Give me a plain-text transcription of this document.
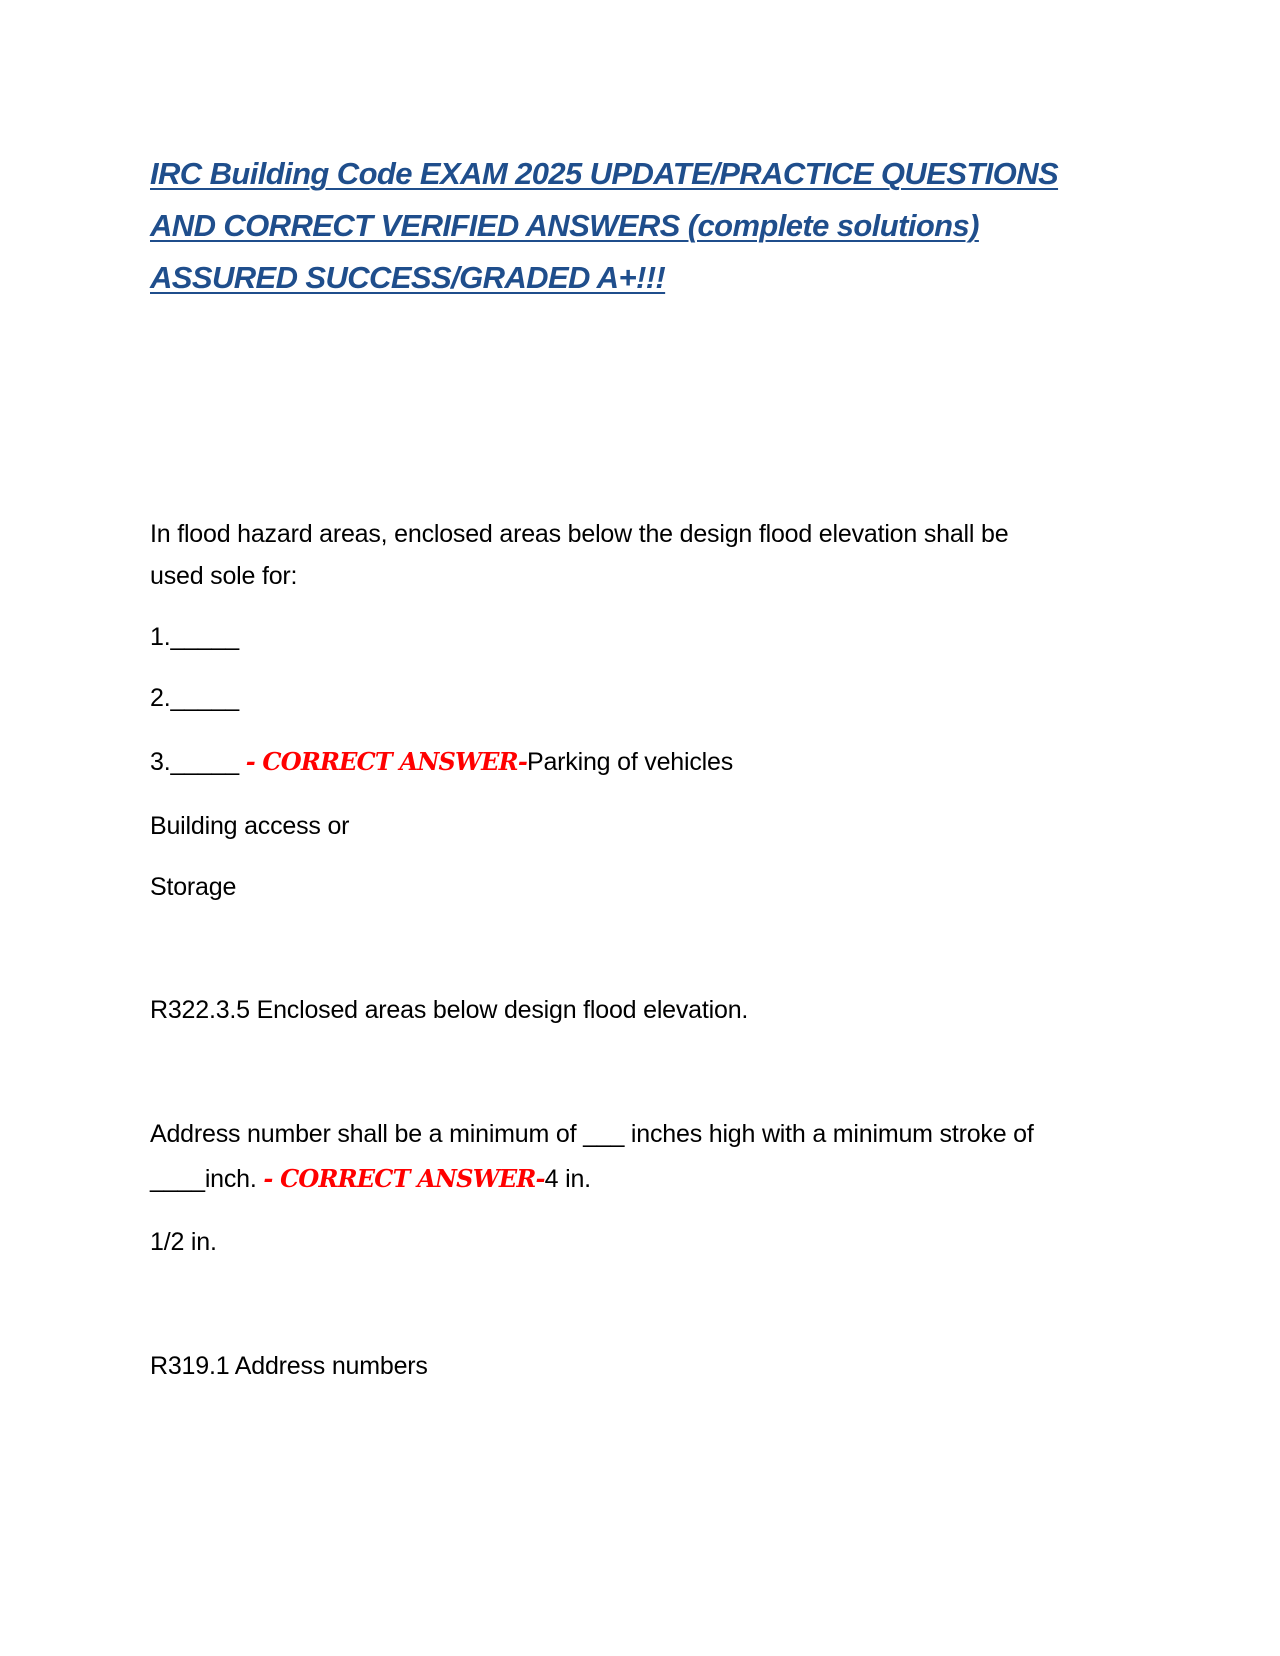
IRC Building Code EXAM 2025 UPDATE/PRACTICE QUESTIONS
AND CORRECT VERIFIED ANSWERS (complete solutions)
ASSURED SUCCESS/GRADED A+!!!

In flood hazard areas, enclosed areas below the design flood elevation shall be

used sole for:

1._____

2._____

3._____ - CORRECT ANSWER-Parking of vehicles

Building access or

Storage

R322.3.5 Enclosed areas below design flood elevation.

Address number shall be a minimum of ___ inches high with a minimum stroke of

____inch. - CORRECT ANSWER-4 in.

1/2 in.

R319.1 Address numbers
